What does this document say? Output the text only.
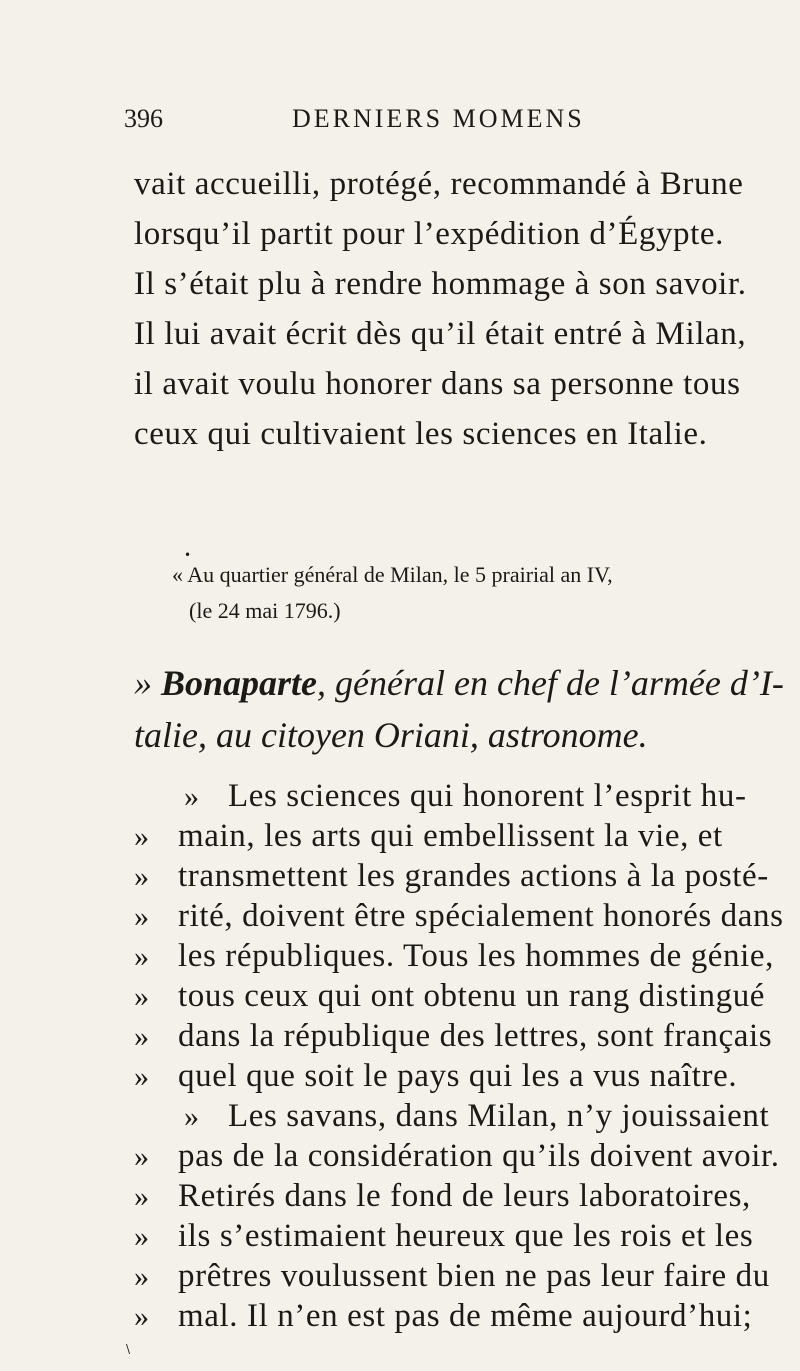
396	DERNIERS MOMENS
vait accueilli, protégé, recommandé à Brune
lorsqu’il partit pour l’expédition d’Égypte.
Il s’était plu à rendre hommage à son savoir.
Il lui avait écrit dès qu’il était entré à Milan,
il avait voulu honorer dans sa personne tous
ceux qui cultivaient les sciences en Italie.
•
« Au quartier général de Milan, le 5 prairial an IV,
(le 24 mai 1796.)
» Bonaparte, général en chef de l’armée d’I-
talie, au citoyen Oriani, astronome.
» Les sciences qui honorent l’esprit hu-
» main, les arts qui embellissent la vie, et
» transmettent les grandes actions à la posté-
» rité, doivent être spécialement honorés dans
» les républiques. Tous les hommes de génie,
» tous ceux qui ont obtenu un rang distingué
» dans la république des lettres, sont français
» quel que soit le pays qui les a vus naître.
» Les savans, dans Milan, n’y jouissaient
» pas de la considération qu’ils doivent avoir.
» Retirés dans le fond de leurs laboratoires,
\
» ils s’estimaient heureux que les rois et les
» prêtres voulussent bien ne pas leur faire du
» mal. Il n’en est pas de même aujourd’hui;
